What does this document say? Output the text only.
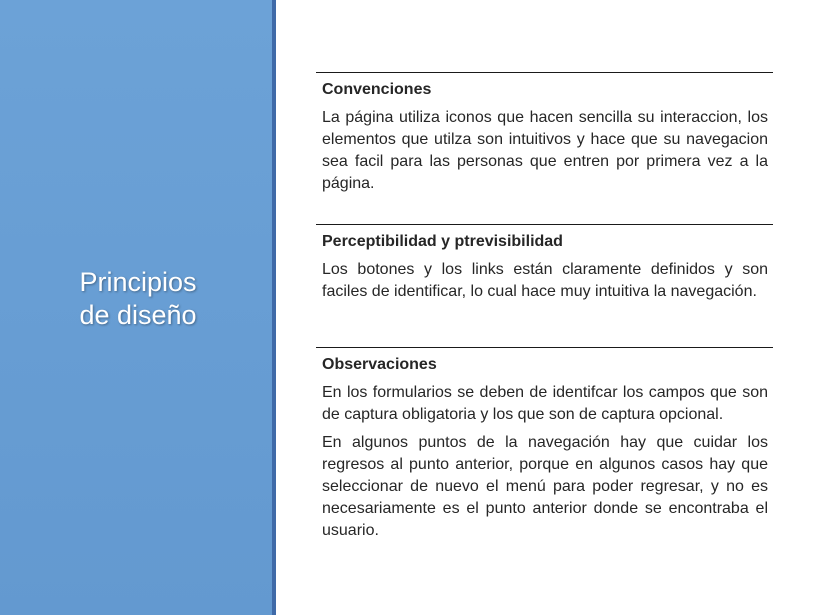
Principios
de diseño
Convenciones
La página utiliza iconos que hacen sencilla su interaccion, los elementos que utilza son intuitivos y hace que su navegacion sea facil para las personas que entren por primera vez a la página.
Perceptibilidad y ptrevisibilidad
Los botones y los links están claramente definidos y son faciles de identificar, lo cual hace muy intuitiva la navegación.
Observaciones
En los formularios se deben de identifcar los campos que son de captura obligatoria y los que son de captura opcional.
En algunos puntos de la navegación hay que cuidar los regresos al punto anterior, porque en algunos casos hay que seleccionar de nuevo el menú para poder regresar, y no es necesariamente es el punto anterior donde se encontraba el usuario.
